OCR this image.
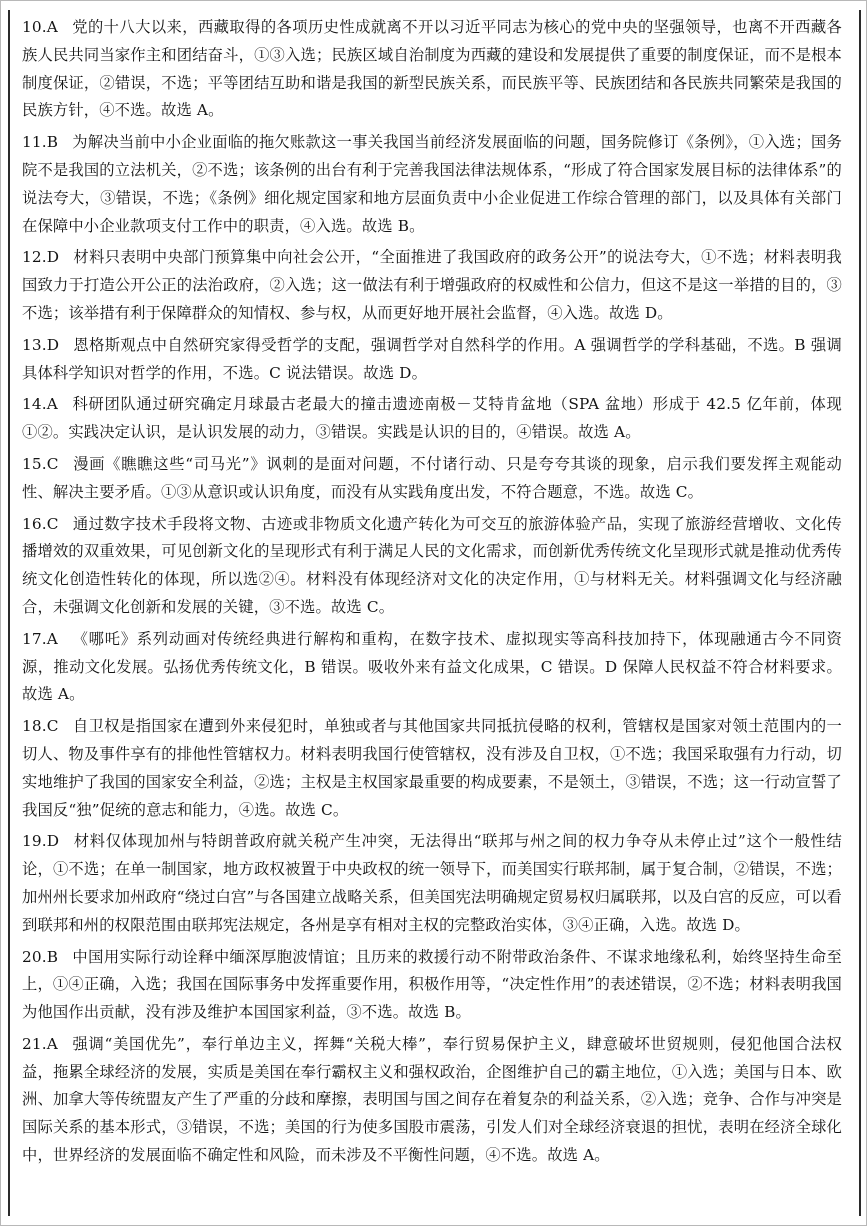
10.A 党的十八大以来，西藏取得的各项历史性成就离不开以习近平同志为核心的党中央的坚强领导，也离不开西藏各族人民共同当家作主和团结奋斗，①③入选；民族区域自治制度为西藏的建设和发展提供了重要的制度保证，而不是根本制度保证，②错误，不选；平等团结互助和谐是我国的新型民族关系，而民族平等、民族团结和各民族共同繁荣是我国的民族方针，④不选。故选 A。

11.B 为解决当前中小企业面临的拖欠账款这一事关我国当前经济发展面临的问题，国务院修订《条例》，①入选；国务院不是我国的立法机关，②不选；该条例的出台有利于完善我国法律法规体系，“形成了符合国家发展目标的法律体系”的说法夸大，③错误，不选；《条例》细化规定国家和地方层面负责中小企业促进工作综合管理的部门，以及具体有关部门在保障中小企业款项支付工作中的职责，④入选。故选 B。

12.D 材料只表明中央部门预算集中向社会公开，“全面推进了我国政府的政务公开”的说法夸大，①不选；材料表明我国致力于打造公开公正的法治政府，②入选；这一做法有利于增强政府的权威性和公信力，但这不是这一举措的目的，③不选；该举措有利于保障群众的知情权、参与权，从而更好地开展社会监督，④入选。故选 D。

13.D 恩格斯观点中自然研究家得受哲学的支配，强调哲学对自然科学的作用。A 强调哲学的学科基础，不选。B 强调具体科学知识对哲学的作用，不选。C 说法错误。故选 D。

14.A 科研团队通过研究确定月球最古老最大的撞击遗迹南极－艾特肯盆地（SPA 盆地）形成于 42.5 亿年前，体现①②。实践决定认识，是认识发展的动力，③错误。实践是认识的目的，④错误。故选 A。

15.C 漫画《瞧瞧这些“司马光”》讽刺的是面对问题，不付诸行动、只是夸夸其谈的现象，启示我们要发挥主观能动性、解决主要矛盾。①③从意识或认识角度，而没有从实践角度出发，不符合题意，不选。故选 C。

16.C 通过数字技术手段将文物、古迹或非物质文化遗产转化为可交互的旅游体验产品，实现了旅游经营增收、文化传播增效的双重效果，可见创新文化的呈现形式有利于满足人民的文化需求，而创新优秀传统文化呈现形式就是推动优秀传统文化创造性转化的体现，所以选②④。材料没有体现经济对文化的决定作用，①与材料无关。材料强调文化与经济融合，未强调文化创新和发展的关键，③不选。故选 C。

17.A 《哪吒》系列动画对传统经典进行解构和重构，在数字技术、虚拟现实等高科技加持下，体现融通古今不同资源，推动文化发展。弘扬优秀传统文化，B 错误。吸收外来有益文化成果，C 错误。D 保障人民权益不符合材料要求。故选 A。

18.C 自卫权是指国家在遭到外来侵犯时，单独或者与其他国家共同抵抗侵略的权利，管辖权是国家对领土范围内的一切人、物及事件享有的排他性管辖权力。材料表明我国行使管辖权，没有涉及自卫权，①不选；我国采取强有力行动，切实地维护了我国的国家安全利益，②选；主权是主权国家最重要的构成要素，不是领土，③错误，不选；这一行动宣誓了我国反“独”促统的意志和能力，④选。故选 C。

19.D 材料仅体现加州与特朗普政府就关税产生冲突，无法得出“联邦与州之间的权力争夺从未停止过”这个一般性结论，①不选；在单一制国家，地方政权被置于中央政权的统一领导下，而美国实行联邦制，属于复合制，②错误，不选；加州州长要求加州政府“绕过白宫”与各国建立战略关系，但美国宪法明确规定贸易权归属联邦，以及白宫的反应，可以看到联邦和州的权限范围由联邦宪法规定，各州是享有相对主权的完整政治实体，③④正确，入选。故选 D。

20.B 中国用实际行动诠释中缅深厚胞波情谊；且历来的救援行动不附带政治条件、不谋求地缘私利，始终坚持生命至上，①④正确，入选；我国在国际事务中发挥重要作用，积极作用等，“决定性作用”的表述错误，②不选；材料表明我国为他国作出贡献，没有涉及维护本国国家利益，③不选。故选 B。

21.A 强调“美国优先”，奉行单边主义，挥舞“关税大棒”，奉行贸易保护主义，肆意破坏世贸规则，侵犯他国合法权益，拖累全球经济的发展，实质是美国在奉行霸权主义和强权政治，企图维护自己的霸主地位，①入选；美国与日本、欧洲、加拿大等传统盟友产生了严重的分歧和摩擦，表明国与国之间存在着复杂的利益关系，②入选；竞争、合作与冲突是国际关系的基本形式，③错误，不选；美国的行为使多国股市震荡，引发人们对全球经济衰退的担忧，表明在经济全球化中，世界经济的发展面临不确定性和风险，而未涉及不平衡性问题，④不选。故选 A。
